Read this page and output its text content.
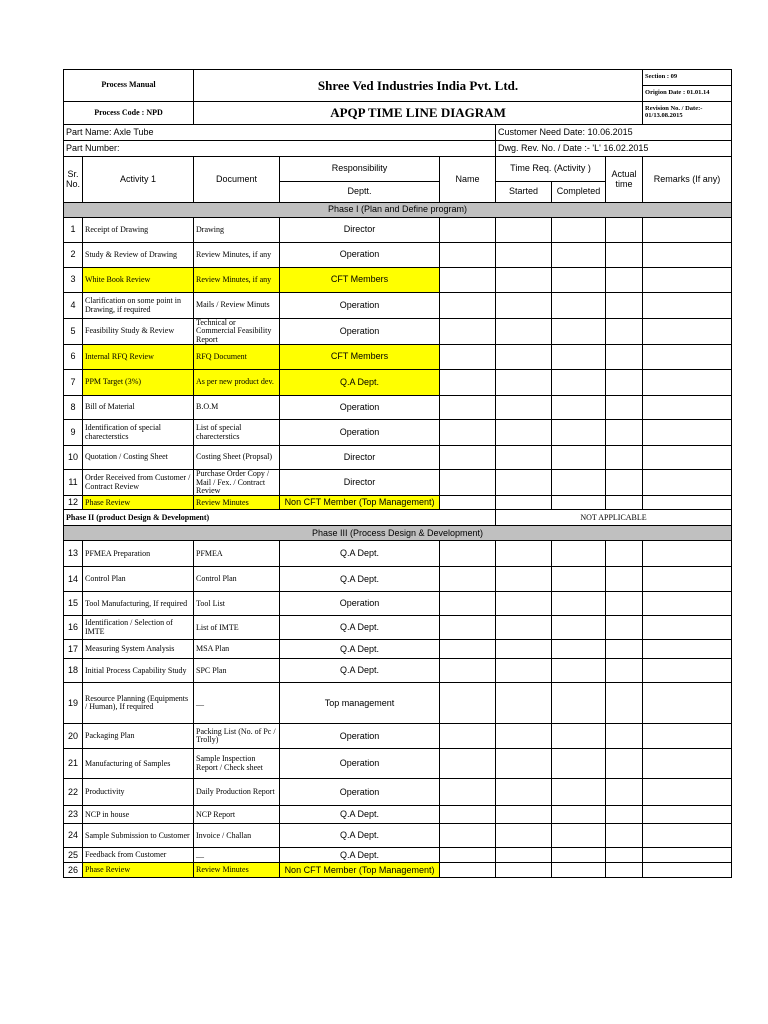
Process Manual		Shree Ved Industries India Pvt. Ltd.						Section : 09
								Origion Date : 01.01.14
Process Code : NPD		APQP TIME LINE DIAGRAM						Revision No. / Date:- 01/13.08.2015
Part Name: Axle Tube					Customer Need Date: 10.06.2015			
Part Number:					Dwg. Rev. No. / Date :- 'L' 16.02.2015			
Sr. No.	Activity 1	Document	Responsibility	Name	Time Req. (Activity )		Actual time	Remarks (If any)
			Deptt.		Started	Completed		
Phase I (Plan and Define program)								
1	Receipt of Drawing	Drawing	Director					
2	Study & Review of Drawing	Review Minutes, if any	Operation					
3	White Book Review	Review Minutes, if any	CFT Members					
4	Clarification on some point in Drawing, if required	Mails / Review Minuts	Operation					
5	Feasibility Study & Review	Technical or Commercial Feasibility Report	Operation					
6	Internal RFQ Review	RFQ Document	CFT Members					
7	PPM Target (3%)	As per new product dev.	Q.A Dept.					
8	Bill of Material	B.O.M	Operation					
9	Identification of special charecterstics	List of special charecterstics	Operation					
10	Quotation / Costing Sheet	Costing Sheet (Propsal)	Director					
11	Order Received from Customer / Contract Review	Purchase Order Copy / Mail / Fex. / Contract Review	Director					
12	Phase Review	Review Minutes	Non CFT Member (Top Management)					
Phase II (product Design & Development)					NOT APPLICABLE			
Phase III (Process Design & Development)								
13	PFMEA Preparation	PFMEA	Q.A Dept.					
14	Control Plan	Control Plan	Q.A Dept.					
15	Tool Manufacturing, If required	Tool List	Operation					
16	Identification / Selection of IMTE	List of IMTE	Q.A Dept.					
17	Measuring System Analysis	MSA Plan	Q.A Dept.					
18	Initial Process Capability Study	SPC Plan	Q.A Dept.					
19	Resource Planning (Equipments / Human), If required	__	Top management					
20	Packaging Plan	Packing List (No. of Pc / Trolly)	Operation					
21	Manufacturing of Samples	Sample Inspection Report / Check sheet	Operation					
22	Productivity	Daily Production Report	Operation					
23	NCP in house	NCP Report	Q.A Dept.					
24	Sample Submission to Customer	Invoice / Challan	Q.A Dept.					
25	Feedback from Customer	__	Q.A Dept.					
26	Phase Review	Review Minutes	Non CFT Member (Top Management)					
